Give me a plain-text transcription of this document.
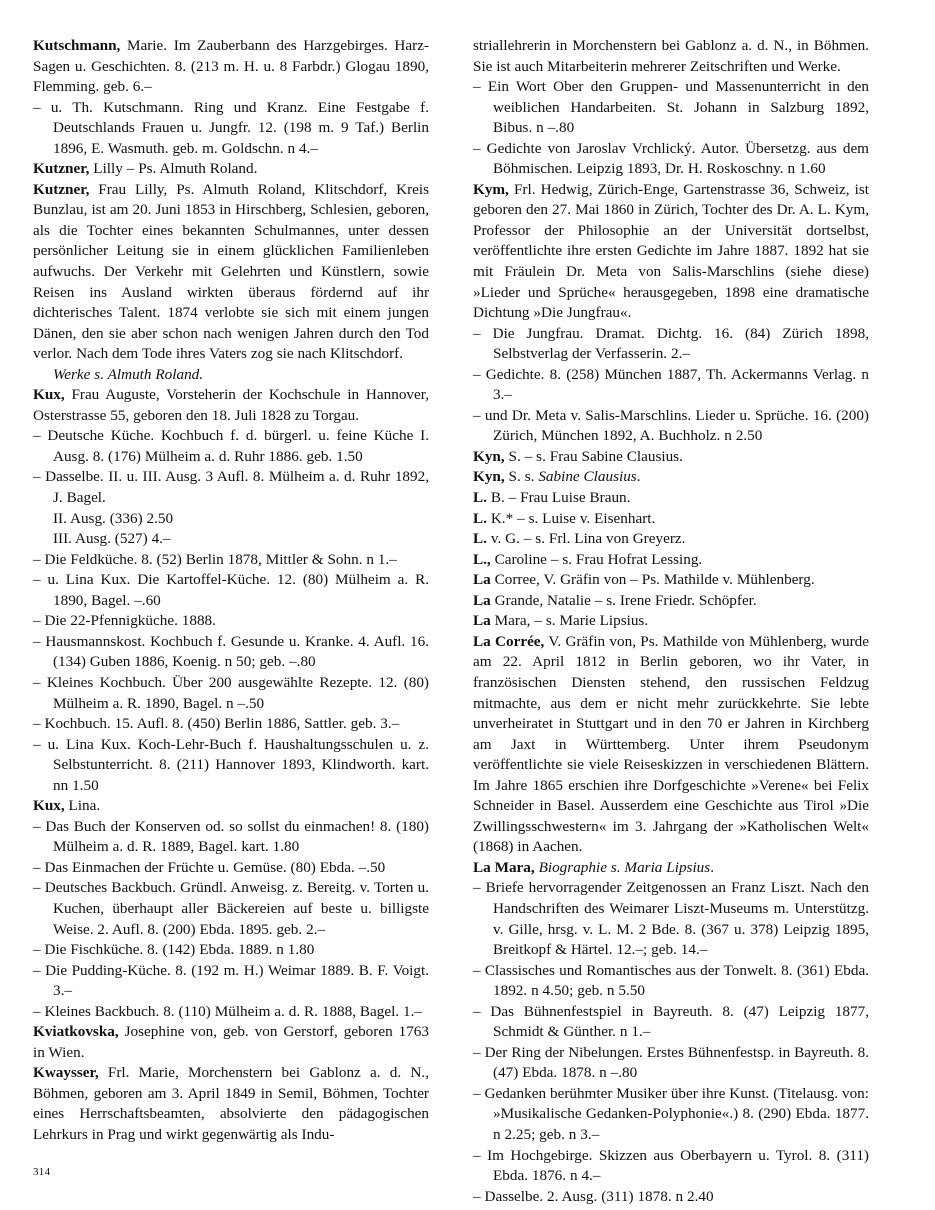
Kutschmann, Marie. Im Zauberbann des Harzgebirges. Harz-Sagen u. Geschichten. 8. (213 m. H. u. 8 Farbdr.) Glogau 1890, Flemming. geb. 6.–

– u. Th. Kutschmann. Ring und Kranz. Eine Festgabe f. Deutschlands Frauen u. Jungfr. 12. (198 m. 9 Taf.) Berlin 1896, E. Wasmuth. geb. m. Goldschn. n 4.–

Kutzner, Lilly – Ps. Almuth Roland.

Kutzner, Frau Lilly, Ps. Almuth Roland, Klitschdorf, Kreis Bunzlau, ist am 20. Juni 1853 in Hirschberg, Schlesien, geboren, als die Tochter eines bekannten Schulmannes, unter dessen persönlicher Leitung sie in einem glücklichen Familienleben aufwuchs. Der Verkehr mit Gelehrten und Künstlern, sowie Reisen ins Ausland wirkten überaus fördernd auf ihr dichterisches Talent. 1874 verlobte sie sich mit einem jungen Dänen, den sie aber schon nach wenigen Jahren durch den Tod verlor. Nach dem Tode ihres Vaters zog sie nach Klitschdorf.

Werke s. Almuth Roland.

Kux, Frau Auguste, Vorsteherin der Kochschule in Hannover, Osterstrasse 55, geboren den 18. Juli 1828 zu Torgau.

– Deutsche Küche. Kochbuch f. d. bürgerl. u. feine Küche I. Ausg. 8. (176) Mülheim a. d. Ruhr 1886. geb. 1.50

– Dasselbe. II. u. III. Ausg. 3 Aufl. 8. Mülheim a. d. Ruhr 1892, J. Bagel.

II. Ausg. (336) 2.50

III. Ausg. (527) 4.–

– Die Feldküche. 8. (52) Berlin 1878, Mittler & Sohn. n 1.–

– u. Lina Kux. Die Kartoffel-Küche. 12. (80) Mülheim a. R. 1890, Bagel. –.60

– Die 22-Pfennigküche. 1888.

– Hausmannskost. Kochbuch f. Gesunde u. Kranke. 4. Aufl. 16. (134) Guben 1886, Koenig. n 50; geb. –.80

– Kleines Kochbuch. Über 200 ausgewählte Rezepte. 12. (80) Mülheim a. R. 1890, Bagel. n –.50

– Kochbuch. 15. Aufl. 8. (450) Berlin 1886, Sattler. geb. 3.–

– u. Lina Kux. Koch-Lehr-Buch f. Haushaltungsschulen u. z. Selbstunterricht. 8. (211) Hannover 1893, Klindworth. kart. nn 1.50

Kux, Lina.

– Das Buch der Konserven od. so sollst du einmachen! 8. (180) Mülheim a. d. R. 1889, Bagel. kart. 1.80

– Das Einmachen der Früchte u. Gemüse. (80) Ebda. –.50

– Deutsches Backbuch. Gründl. Anweisg. z. Bereitg. v. Torten u. Kuchen, überhaupt aller Bäckereien auf beste u. billigste Weise. 2. Aufl. 8. (200) Ebda. 1895. geb. 2.–

– Die Fischküche. 8. (142) Ebda. 1889. n 1.80

– Die Pudding-Küche. 8. (192 m. H.) Weimar 1889. B. F. Voigt. 3.–

– Kleines Backbuch. 8. (110) Mülheim a. d. R. 1888, Bagel. 1.–

Kviatkovska, Josephine von, geb. von Gerstorf, geboren 1763 in Wien.

Kwaysser, Frl. Marie, Morchenstern bei Gablonz a. d. N., Böhmen, geboren am 3. April 1849 in Semil, Böhmen, Tochter eines Herrschaftsbeamten, absolvierte den pädagogischen Lehrkurs in Prag und wirkt gegenwärtig als Indu-

striallehrerin in Morchenstern bei Gablonz a. d. N., in Böhmen. Sie ist auch Mitarbeiterin mehrerer Zeitschriften und Werke.

– Ein Wort Ober den Gruppen- und Massenunterricht in den weiblichen Handarbeiten. St. Johann in Salzburg 1892, Bibus. n –.80

– Gedichte von Jaroslav Vrchlický. Autor. Übersetzg. aus dem Böhmischen. Leipzig 1893, Dr. H. Roskoschny. n 1.60

Kym, Frl. Hedwig, Zürich-Enge, Gartenstrasse 36, Schweiz, ist geboren den 27. Mai 1860 in Zürich, Tochter des Dr. A. L. Kym, Professor der Philosophie an der Universität dortselbst, veröffentlichte ihre ersten Gedichte im Jahre 1887. 1892 hat sie mit Fräulein Dr. Meta von Salis-Marschlins (siehe diese) »Lieder und Sprüche« herausgegeben, 1898 eine dramatische Dichtung »Die Jungfrau«.

– Die Jungfrau. Dramat. Dichtg. 16. (84) Zürich 1898, Selbstverlag der Verfasserin. 2.–

– Gedichte. 8. (258) München 1887, Th. Ackermanns Verlag. n 3.–

– und Dr. Meta v. Salis-Marschlins. Lieder u. Sprüche. 16. (200) Zürich, München 1892, A. Buchholz. n 2.50

Kyn, S. – s. Frau Sabine Clausius.

Kyn, S. s. Sabine Clausius.

L. B. – Frau Luise Braun.

L. K.* – s. Luise v. Eisenhart.

L. v. G. – s. Frl. Lina von Greyerz.

L., Caroline – s. Frau Hofrat Lessing.

La Corree, V. Gräfin von – Ps. Mathilde v. Mühlenberg.

La Grande, Natalie – s. Irene Friedr. Schöpfer.

La Mara, – s. Marie Lipsius.

La Corrée, V. Gräfin von, Ps. Mathilde von Mühlenberg, wurde am 22. April 1812 in Berlin geboren, wo ihr Vater, in französischen Diensten stehend, den russischen Feldzug mitmachte, aus dem er nicht mehr zurückkehrte. Sie lebte unverheiratet in Stuttgart und in den 70 er Jahren in Kirchberg am Jaxt in Württemberg. Unter ihrem Pseudonym veröffentlichte sie viele Reiseskizzen in verschiedenen Blättern. Im Jahre 1865 erschien ihre Dorfgeschichte »Verene« bei Felix Schneider in Basel. Ausserdem eine Geschichte aus Tirol »Die Zwillingsschwestern« im 3. Jahrgang der »Katholischen Welt« (1868) in Aachen.

La Mara, Biographie s. Maria Lipsius.

– Briefe hervorragender Zeitgenossen an Franz Liszt. Nach den Handschriften des Weimarer Liszt-Museums m. Unterstützg. v. Gille, hrsg. v. L. M. 2 Bde. 8. (367 u. 378) Leipzig 1895, Breitkopf & Härtel. 12.–; geb. 14.–

– Classisches und Romantisches aus der Tonwelt. 8. (361) Ebda. 1892. n 4.50; geb. n 5.50

– Das Bühnenfestspiel in Bayreuth. 8. (47) Leipzig 1877, Schmidt & Günther. n 1.–

– Der Ring der Nibelungen. Erstes Bühnenfestsp. in Bayreuth. 8. (47) Ebda. 1878. n –.80

– Gedanken berühmter Musiker über ihre Kunst. (Titelausg. von: »Musikalische Gedanken-Polyphonie«.) 8. (290) Ebda. 1877. n 2.25; geb. n 3.–

– Im Hochgebirge. Skizzen aus Oberbayern u. Tyrol. 8. (311) Ebda. 1876. n 4.–

– Dasselbe. 2. Ausg. (311) 1878. n 2.40

314
